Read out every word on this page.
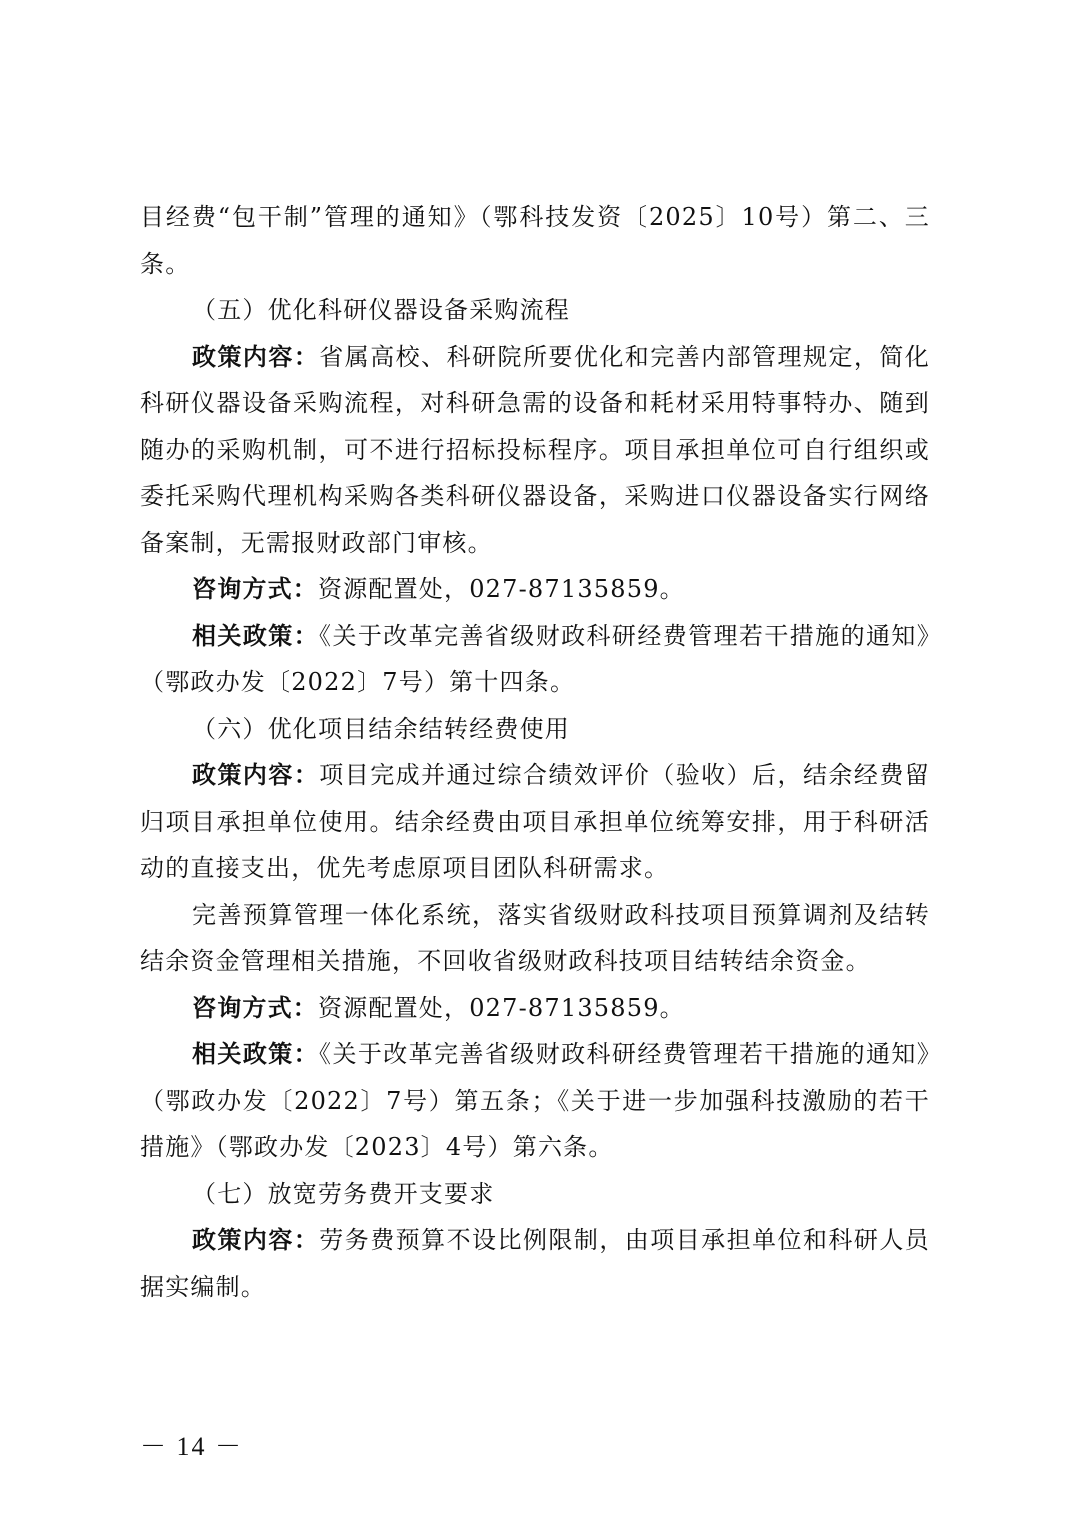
目经费“包干制”管理的通知》（鄂科技发资〔2025〕10号）第二、三条。

（五）优化科研仪器设备采购流程

政策内容：省属高校、科研院所要优化和完善内部管理规定，简化科研仪器设备采购流程，对科研急需的设备和耗材采用特事特办、随到随办的采购机制，可不进行招标投标程序。项目承担单位可自行组织或委托采购代理机构采购各类科研仪器设备，采购进口仪器设备实行网络备案制，无需报财政部门审核。

咨询方式：资源配置处，027-87135859。

相关政策：《关于改革完善省级财政科研经费管理若干措施的通知》（鄂政办发〔2022〕7号）第十四条。

（六）优化项目结余结转经费使用

政策内容：项目完成并通过综合绩效评价（验收）后，结余经费留归项目承担单位使用。结余经费由项目承担单位统筹安排，用于科研活动的直接支出，优先考虑原项目团队科研需求。

完善预算管理一体化系统，落实省级财政科技项目预算调剂及结转结余资金管理相关措施，不回收省级财政科技项目结转结余资金。

咨询方式：资源配置处，027-87135859。

相关政策：《关于改革完善省级财政科研经费管理若干措施的通知》（鄂政办发〔2022〕7号）第五条；《关于进一步加强科技激励的若干措施》（鄂政办发〔2023〕4号）第六条。

（七）放宽劳务费开支要求

政策内容：劳务费预算不设比例限制，由项目承担单位和科研人员据实编制。

－ 14 －
